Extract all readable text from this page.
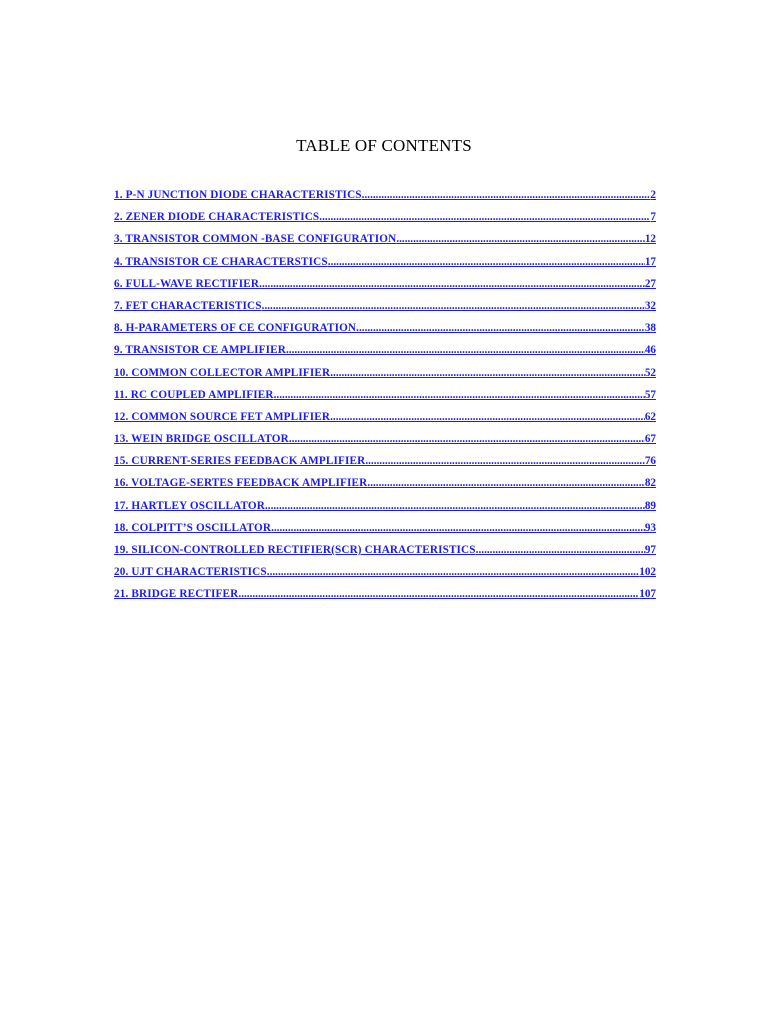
TABLE OF CONTENTS
1. P-N JUNCTION DIODE CHARACTERISTICS .....	2
2. ZENER DIODE CHARACTERISTICS .....	7
3. TRANSISTOR COMMON -BASE CONFIGURATION .....	12
4. TRANSISTOR CE CHARACTERSTICS .....	17
6. FULL-WAVE RECTIFIER .....	27
7. FET CHARACTERISTICS .....	32
8. H-PARAMETERS OF CE CONFIGURATION .....	38
9. TRANSISTOR CE AMPLIFIER .....	46
10. COMMON COLLECTOR AMPLIFIER .....	52
11. RC COUPLED AMPLIFIER .....	57
12. COMMON SOURCE FET AMPLIFIER .....	62
13. WEIN BRIDGE OSCILLATOR .....	67
15. CURRENT-SERIES FEEDBACK AMPLIFIER .....	76
16. VOLTAGE-SERTES FEEDBACK AMPLIFIER .....	82
17. HARTLEY OSCILLATOR .....	89
18. COLPITT’S OSCILLATOR .....	93
19. SILICON-CONTROLLED RECTIFIER(SCR) CHARACTERISTICS .....	97
20. UJT CHARACTERISTICS .....	102
21. BRIDGE RECTIFER .....	107
